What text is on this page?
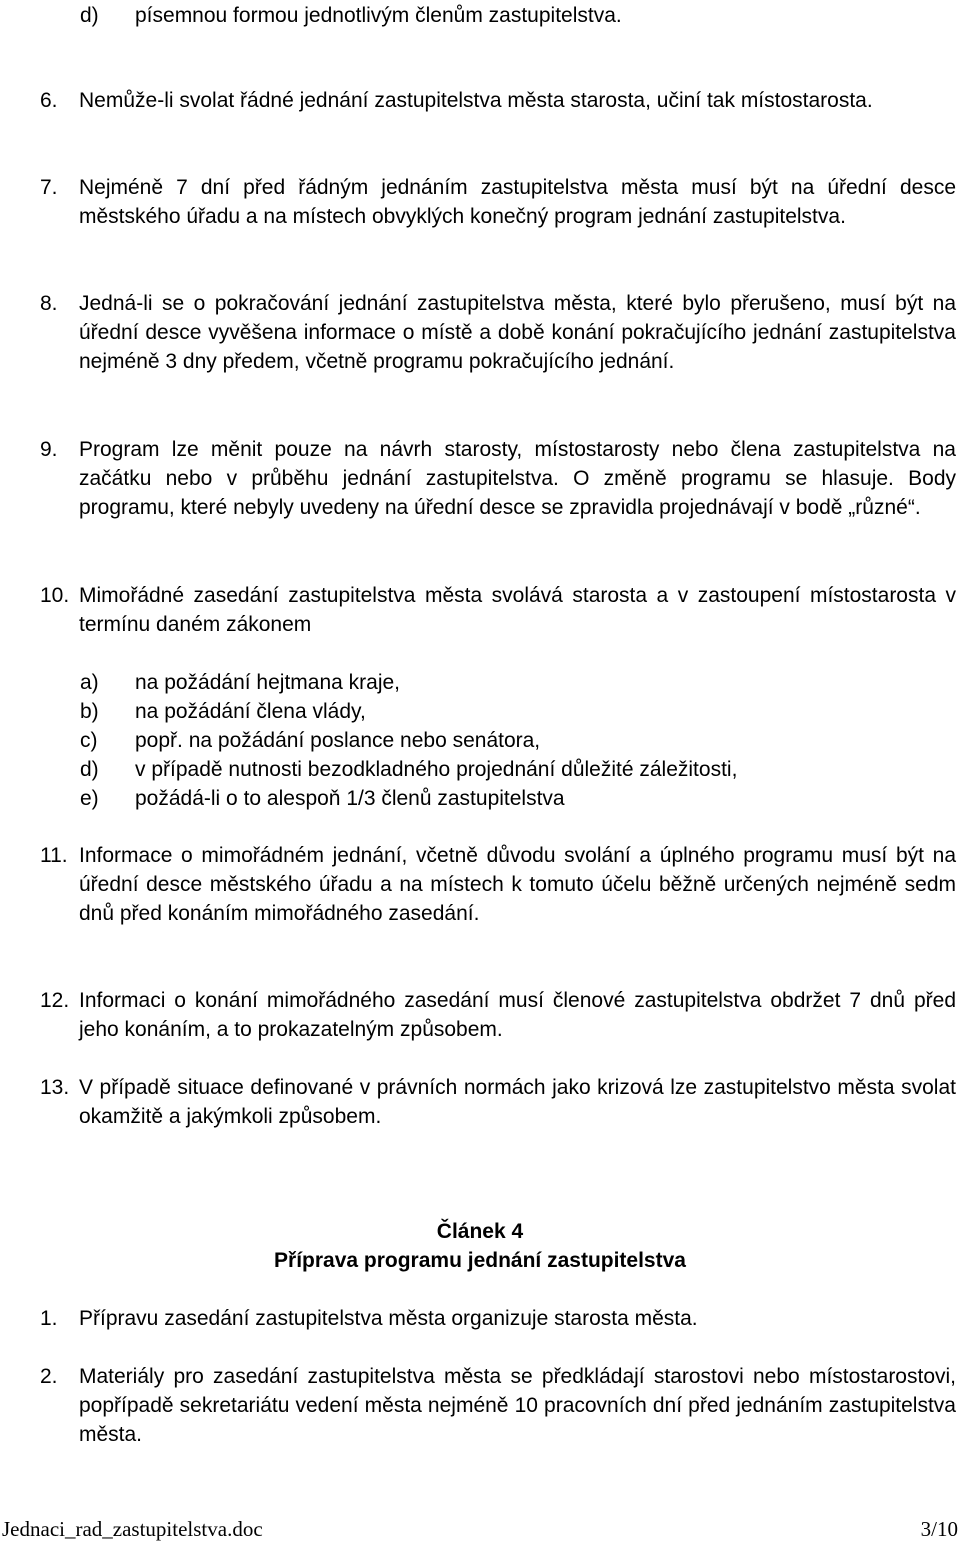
d) písemnou formou jednotlivým členům zastupitelstva.

6. Nemůže-li svolat řádné jednání zastupitelstva města starosta, učiní tak místostarosta.

7. Nejméně 7 dní před řádným jednáním zastupitelstva města musí být na úřední desce městského úřadu a na místech obvyklých konečný program jednání zastupitelstva.

8. Jedná-li se o pokračování jednání zastupitelstva města, které bylo přerušeno, musí být na úřední desce vyvěšena informace o místě a době konání pokračujícího jednání zastupitelstva nejméně 3 dny předem, včetně programu pokračujícího jednání.

9. Program lze měnit pouze na návrh starosty, místostarosty nebo člena zastupitelstva na začátku nebo v průběhu jednání zastupitelstva. O změně programu se hlasuje. Body programu, které nebyly uvedeny na úřední desce se zpravidla projednávají v bodě „různé“.

10. Mimořádné zasedání zastupitelstva města svolává starosta a v zastoupení místostarosta v termínu daném zákonem

a) na požádání hejtmana kraje,

b) na požádání člena vlády,

c) popř. na požádání poslance nebo senátora,

d) v případě nutnosti bezodkladného projednání důležité záležitosti,

e) požádá-li o to alespoň 1/3 členů zastupitelstva

11. Informace o mimořádném jednání, včetně důvodu svolání a úplného programu musí být na úřední desce městského úřadu a na místech k tomuto účelu běžně určených nejméně sedm dnů před konáním mimořádného zasedání.

12. Informaci o konání mimořádného zasedání musí členové zastupitelstva obdržet 7 dnů před jeho konáním, a to prokazatelným způsobem.

13. V případě situace definované v právních normách jako krizová lze zastupitelstvo města svolat okamžitě a jakýmkoli způsobem.

Článek 4
Příprava programu jednání zastupitelstva

1. Přípravu zasedání zastupitelstva města organizuje starosta města.

2. Materiály pro zasedání zastupitelstva města se předkládají starostovi nebo místostarostovi, popřípadě sekretariátu vedení města nejméně 10 pracovních dní před jednáním zastupitelstva města.

Jednaci_rad_zastupitelstva.doc	3/10
